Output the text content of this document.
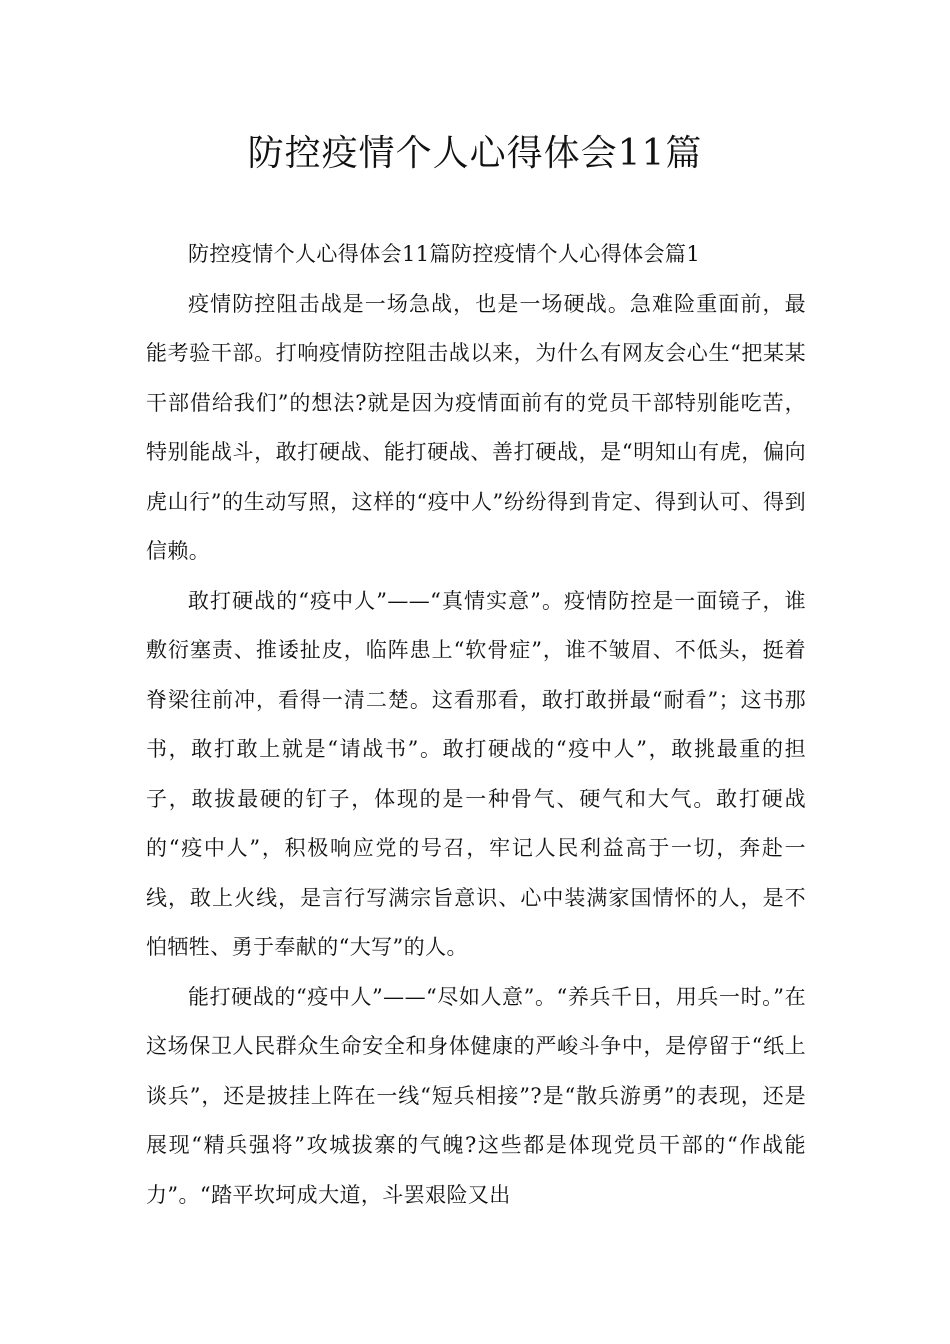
防控疫情个人心得体会11篇

防控疫情个人心得体会11篇防控疫情个人心得体会篇1

疫情防控阻击战是一场急战，也是一场硬战。急难险重面前，最能考验干部。打响疫情防控阻击战以来，为什么有网友会心生“把某某干部借给我们”的想法?就是因为疫情面前有的党员干部特别能吃苦，特别能战斗，敢打硬战、能打硬战、善打硬战，是“明知山有虎，偏向虎山行”的生动写照，这样的“疫中人”纷纷得到肯定、得到认可、得到信赖。

敢打硬战的“疫中人”——“真情实意”。疫情防控是一面镜子，谁敷衍塞责、推诿扯皮，临阵患上“软骨症”，谁不皱眉、不低头，挺着脊梁往前冲，看得一清二楚。这看那看，敢打敢拼最“耐看”；这书那书，敢打敢上就是“请战书”。敢打硬战的“疫中人”，敢挑最重的担子，敢拔最硬的钉子，体现的是一种骨气、硬气和大气。敢打硬战的“疫中人”，积极响应党的号召，牢记人民利益高于一切，奔赴一线，敢上火线，是言行写满宗旨意识、心中装满家国情怀的人，是不怕牺牲、勇于奉献的“大写”的人。

能打硬战的“疫中人”——“尽如人意”。“养兵千日，用兵一时。”在这场保卫人民群众生命安全和身体健康的严峻斗争中，是停留于“纸上谈兵”，还是披挂上阵在一线“短兵相接”?是“散兵游勇”的表现，还是展现“精兵强将”攻城拔寨的气魄?这些都是体现党员干部的“作战能力”。“踏平坎坷成大道，斗罢艰险又出
